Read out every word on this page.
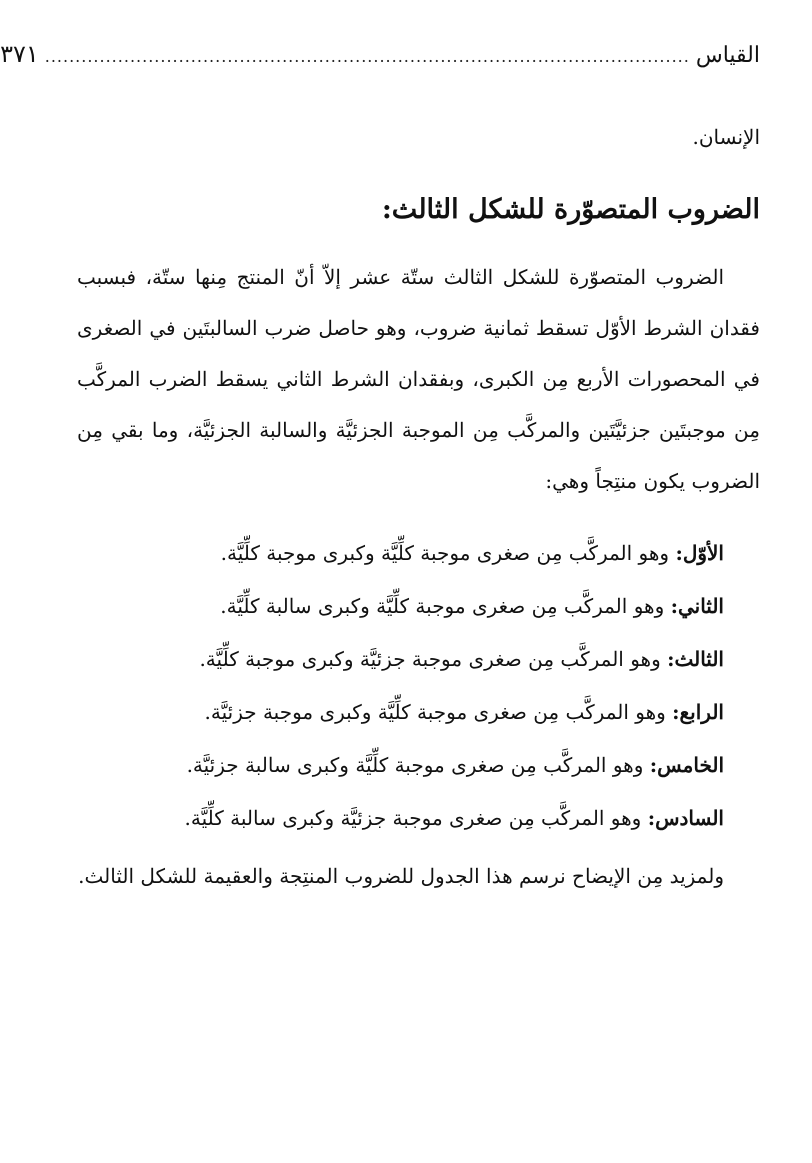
القياس
..........................................................................................................
٣٧١
الإنسان.
الضروب المتصوّرة للشكل الثالث:

الضروب المتصوّرة للشكل الثالث ستّة عشر إلاّ أنّ المنتج مِنها ستّة، فبسبب فقدان الشرط الأوّل تسقط ثمانية ضروب، وهو حاصل ضرب السالبتَين في الصغرى في المحصورات الأربع مِن الكبرى، وبفقدان الشرط الثاني يسقط الضرب المركَّب مِن موجبتَين جزئيَّتَين والمركَّب مِن الموجبة الجزئيَّة والسالبة الجزئيَّة، وما بقي مِن الضروب يكون منتِجاً وهي:

الأوّل: وهو المركَّب مِن صغرى موجبة كلِّيَّة وكبرى موجبة كلِّيَّة.
الثاني: وهو المركَّب مِن صغرى موجبة كلِّيَّة وكبرى سالبة كلِّيَّة.
الثالث: وهو المركَّب مِن صغرى موجبة جزئيَّة وكبرى موجبة كلِّيَّة.
الرابع: وهو المركَّب مِن صغرى موجبة كلِّيَّة وكبرى موجبة جزئيَّة.
الخامس: وهو المركَّب مِن صغرى موجبة كلِّيَّة وكبرى سالبة جزئيَّة.
السادس: وهو المركَّب مِن صغرى موجبة جزئيَّة وكبرى سالبة كلِّيَّة.

ولمزيد مِن الإيضاح نرسم هذا الجدول للضروب المنتِجة والعقيمة للشكل الثالث.
